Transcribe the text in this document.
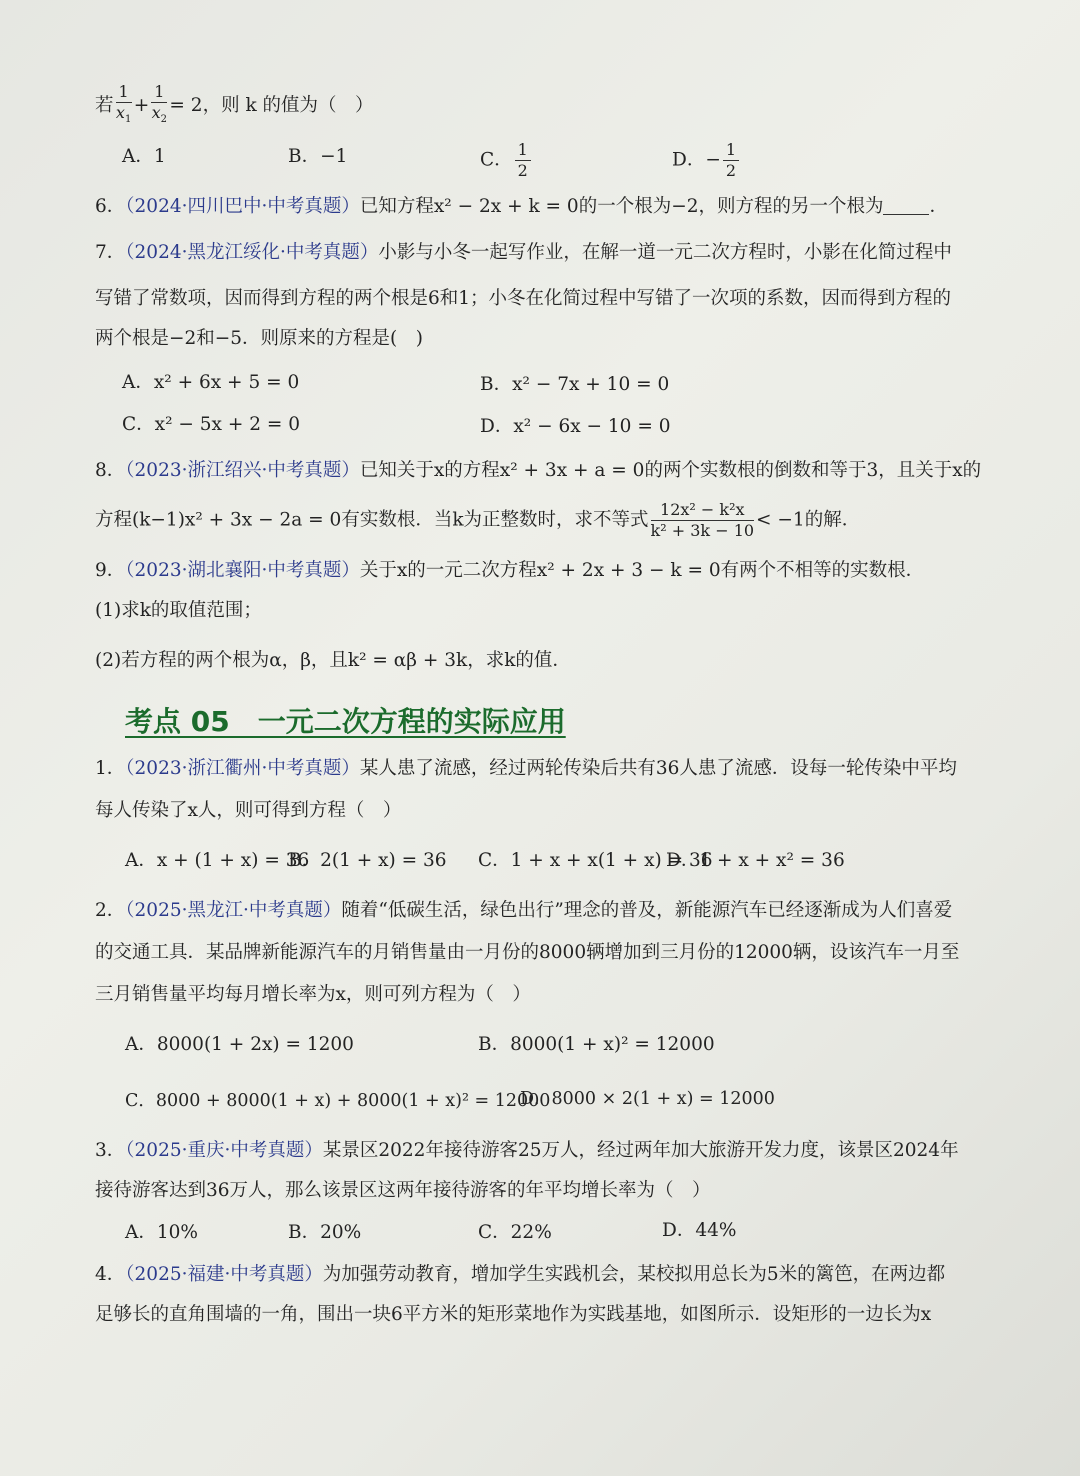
若 $\frac{1}{x_1} + \frac{1}{x_2} = 2$，则 k 的值为（　）
A．1	B．−1	C． $\frac{1}{2}$	D．− $\frac{1}{2}$
6．（2024·四川巴中·中考真题）已知方程x² − 2x + k = 0的一个根为−2，则方程的另一个根为 ．
7．（2024·黑龙江绥化·中考真题）小影与小冬一起写作业，在解一道一元二次方程时，小影在化简过程中
写错了常数项，因而得到方程的两个根是6和1；小冬在化简过程中写错了一次项的系数，因而得到方程的
两个根是−2和−5．则原来的方程是(　)
A．x² + 6x + 5 = 0	B．x² − 7x + 10 = 0
C．x² − 5x + 2 = 0	D．x² − 6x − 10 = 0
8．（2023·浙江绍兴·中考真题）已知关于x的方程x² + 3x + a = 0的两个实数根的倒数和等于3，且关于x的
方程(k−1)x² + 3x − 2a = 0有实数根．当k为正整数时，求不等式 $\frac{\text{12x² − k²x}}{\text{k² + 3k − 10}} < -1$的解．
9．（2023·湖北襄阳·中考真题）关于x的一元二次方程x² + 2x + 3 − k = 0有两个不相等的实数根．
(1)求k的取值范围；
(2)若方程的两个根为α，β，且k² = αβ + 3k，求k的值．
考点 05　一元二次方程的实际应用
1．（2023·浙江衢州·中考真题）某人患了流感，经过两轮传染后共有36人患了流感．设每一轮传染中平均
每人传染了x人，则可得到方程（　）
A．x + (1 + x) = 36
B．2(1 + x) = 36 C．1 + x + x(1 + x) = 36
D．1 + x + x² = 36
2．（2025·黑龙江·中考真题）随着“低碳生活，绿色出行”理念的普及，新能源汽车已经逐渐成为人们喜爱
的交通工具．某品牌新能源汽车的月销售量由一月份的8000辆增加到三月份的12000辆，设该汽车一月至
三月销售量平均每月增长率为x，则可列方程为（　）
A．8000(1 + 2x) = 1200	B．8000(1 + x)² = 12000
C．8000 + 8000(1 + x) + 8000(1 + x)² = 12000
D．8000 × 2(1 + x) = 12000
3．（2025·重庆·中考真题）某景区2022年接待游客25万人，经过两年加大旅游开发力度，该景区2024年
接待游客达到36万人，那么该景区这两年接待游客的年平均增长率为（　）
A．10%	B．20%	C．22%	D．44%
4．（2025·福建·中考真题）为加强劳动教育，增加学生实践机会，某校拟用总长为5米的篱笆，在两边都
足够长的直角围墙的一角，围出一块6平方米的矩形菜地作为实践基地，如图所示．设矩形的一边长为x
